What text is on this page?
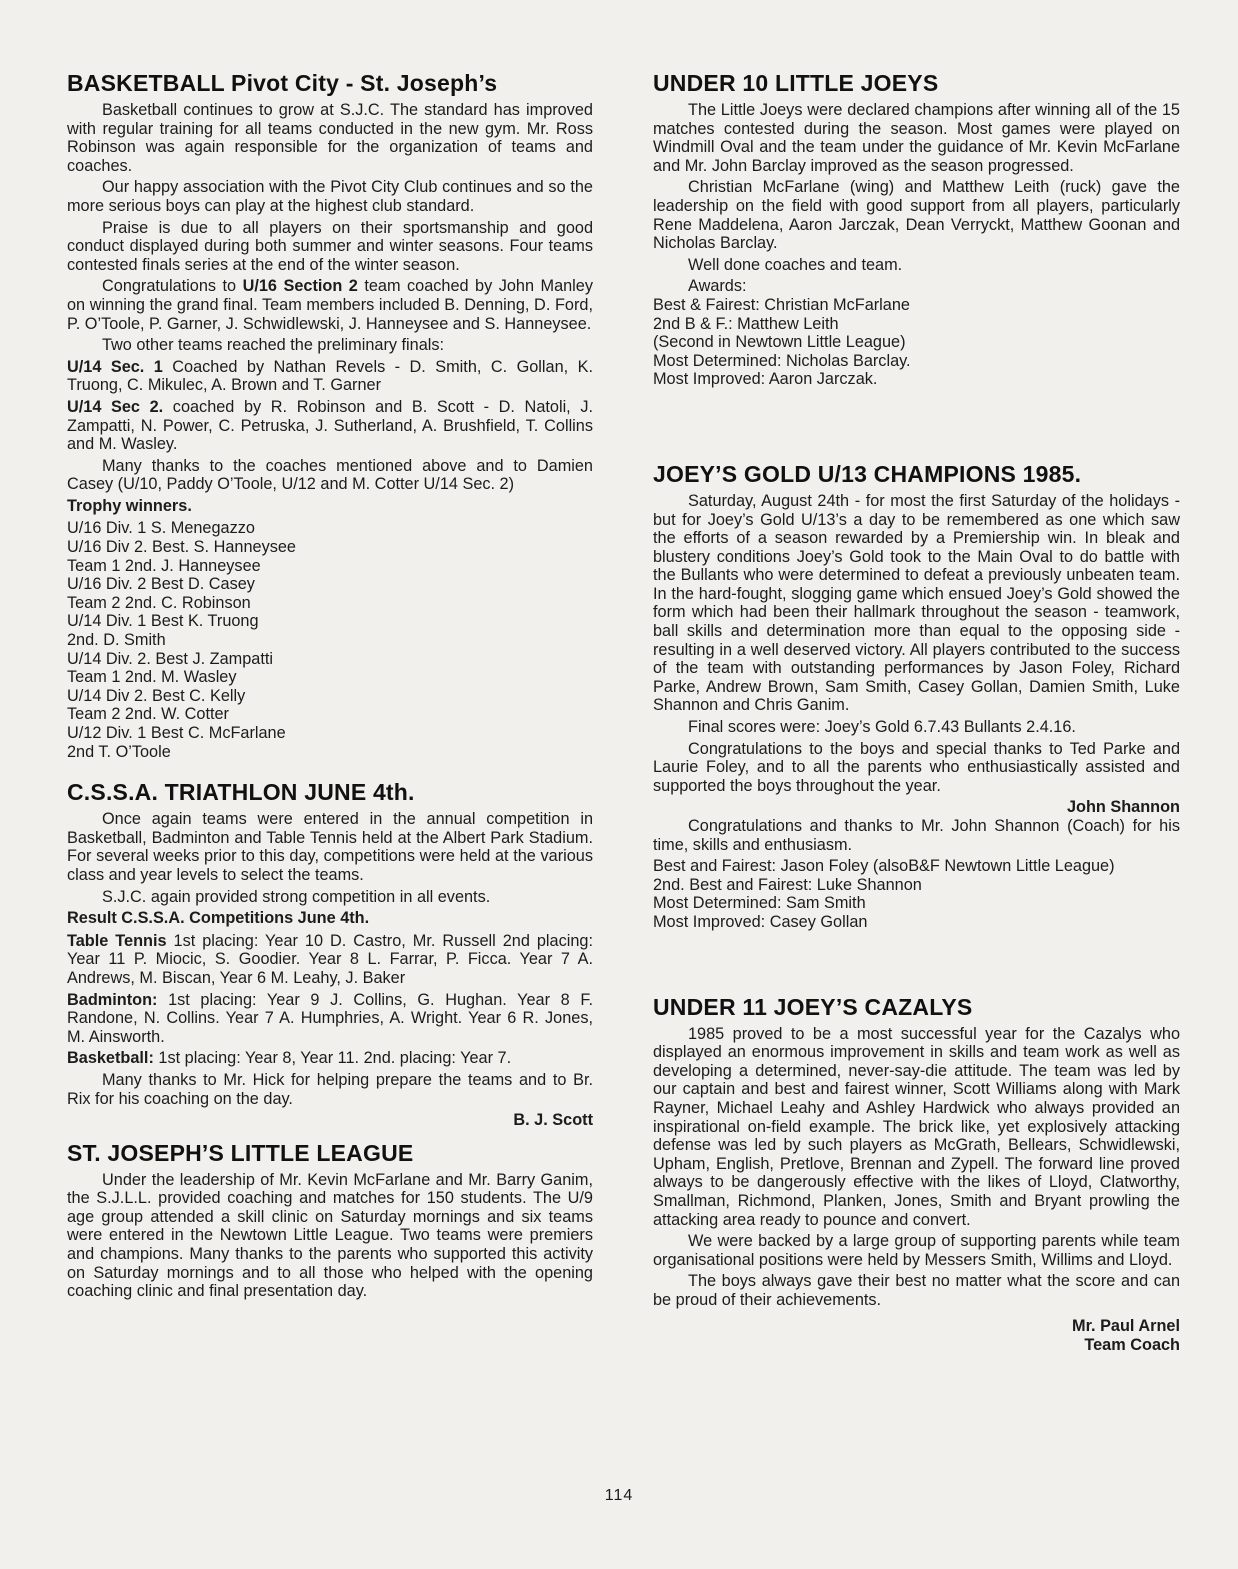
BASKETBALL Pivot City - St. Joseph’s

Basketball continues to grow at S.J.C. The standard has improved with regular training for all teams conducted in the new gym. Mr. Ross Robinson was again responsible for the organization of teams and coaches.

Our happy association with the Pivot City Club continues and so the more serious boys can play at the highest club standard.

Praise is due to all players on their sportsmanship and good conduct displayed during both summer and winter seasons. Four teams contested finals series at the end of the winter season.

Congratulations to U/16 Section 2 team coached by John Manley on winning the grand final. Team members included B. Denning, D. Ford, P. O’Toole, P. Garner, J. Schwidlewski, J. Hanneysee and S. Hanneysee.

Two other teams reached the preliminary finals:

U/14 Sec. 1 Coached by Nathan Revels - D. Smith, C. Gollan, K. Truong, C. Mikulec, A. Brown and T. Garner

U/14 Sec 2. coached by R. Robinson and B. Scott - D. Natoli, J. Zampatti, N. Power, C. Petruska, J. Sutherland, A. Brushfield, T. Collins and M. Wasley.

Many thanks to the coaches mentioned above and to Damien Casey (U/10, Paddy O’Toole, U/12 and M. Cotter U/14 Sec. 2)

Trophy winners.

U/16 Div. 1 S. Menegazzo

U/16 Div 2. Best. S. Hanneysee

Team 1 2nd. J. Hanneysee

U/16 Div. 2 Best D. Casey

Team 2 2nd. C. Robinson

U/14 Div. 1 Best K. Truong

2nd. D. Smith

U/14 Div. 2. Best J. Zampatti

Team 1 2nd. M. Wasley

U/14 Div 2. Best C. Kelly

Team 2 2nd. W. Cotter

U/12 Div. 1 Best C. McFarlane

2nd T. O’Toole

C.S.S.A. TRIATHLON JUNE 4th.

Once again teams were entered in the annual competition in Basketball, Badminton and Table Tennis held at the Albert Park Stadium. For several weeks prior to this day, competitions were held at the various class and year levels to select the teams.

S.J.C. again provided strong competition in all events.

Result C.S.S.A. Competitions June 4th.

Table Tennis 1st placing: Year 10 D. Castro, Mr. Russell 2nd placing: Year 11 P. Miocic, S. Goodier. Year 8 L. Farrar, P. Ficca. Year 7 A. Andrews, M. Biscan, Year 6 M. Leahy, J. Baker

Badminton: 1st placing: Year 9 J. Collins, G. Hughan. Year 8 F. Randone, N. Collins. Year 7 A. Humphries, A. Wright. Year 6 R. Jones, M. Ainsworth.

Basketball: 1st placing: Year 8, Year 11. 2nd. placing: Year 7.

Many thanks to Mr. Hick for helping prepare the teams and to Br. Rix for his coaching on the day.

B. J. Scott

ST. JOSEPH’S LITTLE LEAGUE

Under the leadership of Mr. Kevin McFarlane and Mr. Barry Ganim, the S.J.L.L. provided coaching and matches for 150 students. The U/9 age group attended a skill clinic on Saturday mornings and six teams were entered in the Newtown Little League. Two teams were premiers and champions. Many thanks to the parents who supported this activity on Saturday mornings and to all those who helped with the opening coaching clinic and final presentation day.

UNDER 10 LITTLE JOEYS

The Little Joeys were declared champions after winning all of the 15 matches contested during the season. Most games were played on Windmill Oval and the team under the guidance of Mr. Kevin McFarlane and Mr. John Barclay improved as the season progressed.

Christian McFarlane (wing) and Matthew Leith (ruck) gave the leadership on the field with good support from all players, particularly Rene Maddelena, Aaron Jarczak, Dean Verryckt, Matthew Goonan and Nicholas Barclay.

Well done coaches and team.

Awards:

Best & Fairest: Christian McFarlane

2nd B & F.: Matthew Leith

(Second in Newtown Little League)

Most Determined: Nicholas Barclay.

Most Improved: Aaron Jarczak.

JOEY’S GOLD U/13 CHAMPIONS 1985.

Saturday, August 24th - for most the first Saturday of the holidays - but for Joey’s Gold U/13’s a day to be remembered as one which saw the efforts of a season rewarded by a Premiership win. In bleak and blustery conditions Joey’s Gold took to the Main Oval to do battle with the Bullants who were determined to defeat a previously unbeaten team. In the hard-fought, slogging game which ensued Joey’s Gold showed the form which had been their hallmark throughout the season - teamwork, ball skills and determination more than equal to the opposing side - resulting in a well deserved victory. All players contributed to the success of the team with outstanding performances by Jason Foley, Richard Parke, Andrew Brown, Sam Smith, Casey Gollan, Damien Smith, Luke Shannon and Chris Ganim.

Final scores were: Joey’s Gold 6.7.43 Bullants 2.4.16.

Congratulations to the boys and special thanks to Ted Parke and Laurie Foley, and to all the parents who enthusiastically assisted and supported the boys throughout the year.

John Shannon

Congratulations and thanks to Mr. John Shannon (Coach) for his time, skills and enthusiasm.

Best and Fairest: Jason Foley (alsoB&F Newtown Little League)

2nd. Best and Fairest: Luke Shannon

Most Determined: Sam Smith

Most Improved: Casey Gollan

UNDER 11 JOEY’S CAZALYS

1985 proved to be a most successful year for the Cazalys who displayed an enormous improvement in skills and team work as well as developing a determined, never-say-die attitude. The team was led by our captain and best and fairest winner, Scott Williams along with Mark Rayner, Michael Leahy and Ashley Hardwick who always provided an inspirational on-field example. The brick like, yet explosively attacking defense was led by such players as McGrath, Bellears, Schwidlewski, Upham, English, Pretlove, Brennan and Zypell. The forward line proved always to be dangerously effective with the likes of Lloyd, Clatworthy, Smallman, Richmond, Planken, Jones, Smith and Bryant prowling the attacking area ready to pounce and convert.

We were backed by a large group of supporting parents while team organisational positions were held by Messers Smith, Willims and Lloyd.

The boys always gave their best no matter what the score and can be proud of their achievements.

Mr. Paul Arnel

Team Coach

114
